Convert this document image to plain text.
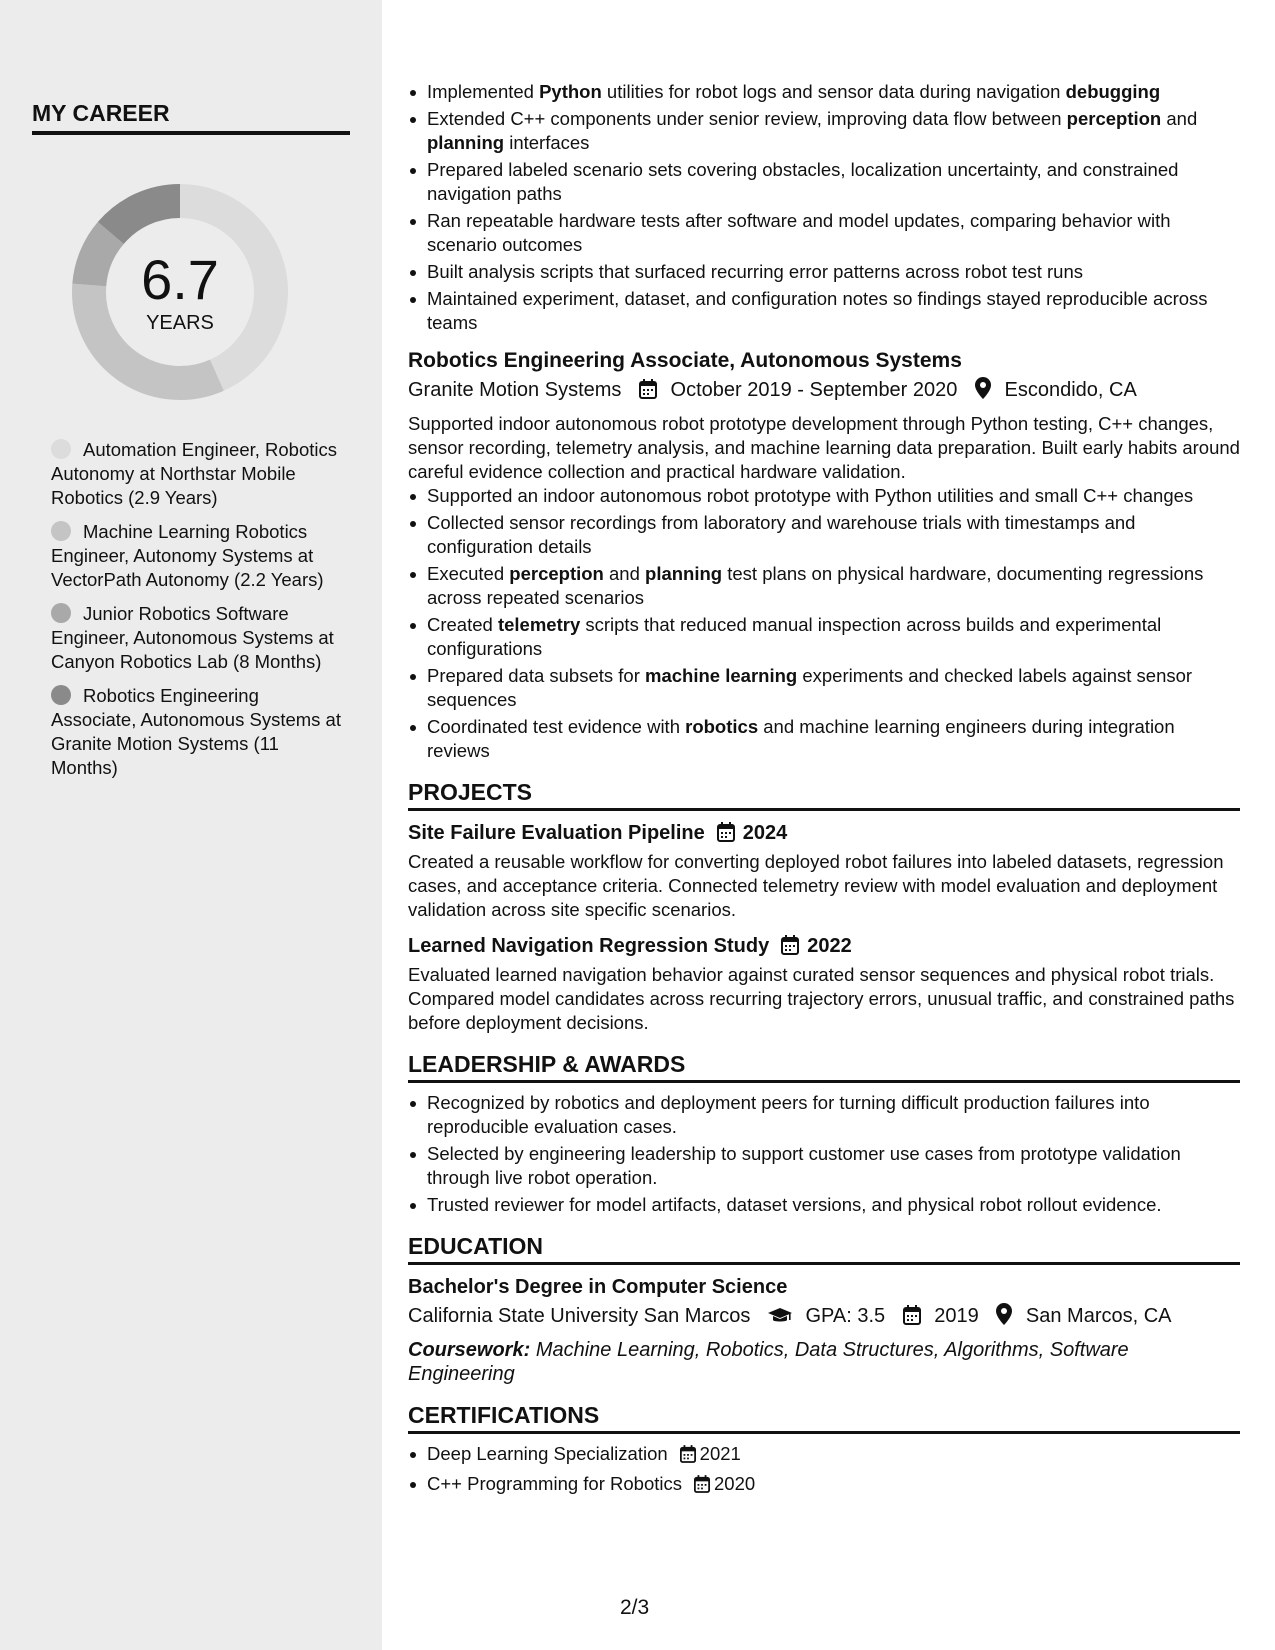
MY CAREER
6.7
YEARS
Automation Engineer, Robotics Autonomy at Northstar Mobile Robotics (2.9 Years)
Machine Learning Robotics Engineer, Autonomy Systems at VectorPath Autonomy (2.2 Years)
Junior Robotics Software Engineer, Autonomous Systems at Canyon Robotics Lab (8 Months)
Robotics Engineering Associate, Autonomous Systems at Granite Motion Systems (11 Months)
Implemented Python utilities for robot logs and sensor data during navigation debugging
Extended C++ components under senior review, improving data flow between perception and planning interfaces
Prepared labeled scenario sets covering obstacles, localization uncertainty, and constrained navigation paths
Ran repeatable hardware tests after software and model updates, comparing behavior with scenario outcomes
Built analysis scripts that surfaced recurring error patterns across robot test runs
Maintained experiment, dataset, and configuration notes so findings stayed reproducible across teams
Robotics Engineering Associate, Autonomous Systems
Granite Motion Systems October 2019 - September 2020 Escondido, CA
Supported indoor autonomous robot prototype development through Python testing, C++ changes, sensor recording, telemetry analysis, and machine learning data preparation. Built early habits around careful evidence collection and practical hardware validation.
Supported an indoor autonomous robot prototype with Python utilities and small C++ changes
Collected sensor recordings from laboratory and warehouse trials with timestamps and configuration details
Executed perception and planning test plans on physical hardware, documenting regressions across repeated scenarios
Created telemetry scripts that reduced manual inspection across builds and experimental configurations
Prepared data subsets for machine learning experiments and checked labels against sensor sequences
Coordinated test evidence with robotics and machine learning engineers during integration reviews
PROJECTS
Site Failure Evaluation Pipeline 2024
Created a reusable workflow for converting deployed robot failures into labeled datasets, regression cases, and acceptance criteria. Connected telemetry review with model evaluation and deployment validation across site specific scenarios.
Learned Navigation Regression Study 2022
Evaluated learned navigation behavior against curated sensor sequences and physical robot trials. Compared model candidates across recurring trajectory errors, unusual traffic, and constrained paths before deployment decisions.
LEADERSHIP & AWARDS
Recognized by robotics and deployment peers for turning difficult production failures into reproducible evaluation cases.
Selected by engineering leadership to support customer use cases from prototype validation through live robot operation.
Trusted reviewer for model artifacts, dataset versions, and physical robot rollout evidence.
EDUCATION
Bachelor's Degree in Computer Science
California State University San Marcos	GPA: 3.5 2019 San Marcos, CA
Coursework: Machine Learning, Robotics, Data Structures, Algorithms, Software Engineering
CERTIFICATIONS
Deep Learning Specialization 2021
C++ Programming for Robotics 2020
2/3
